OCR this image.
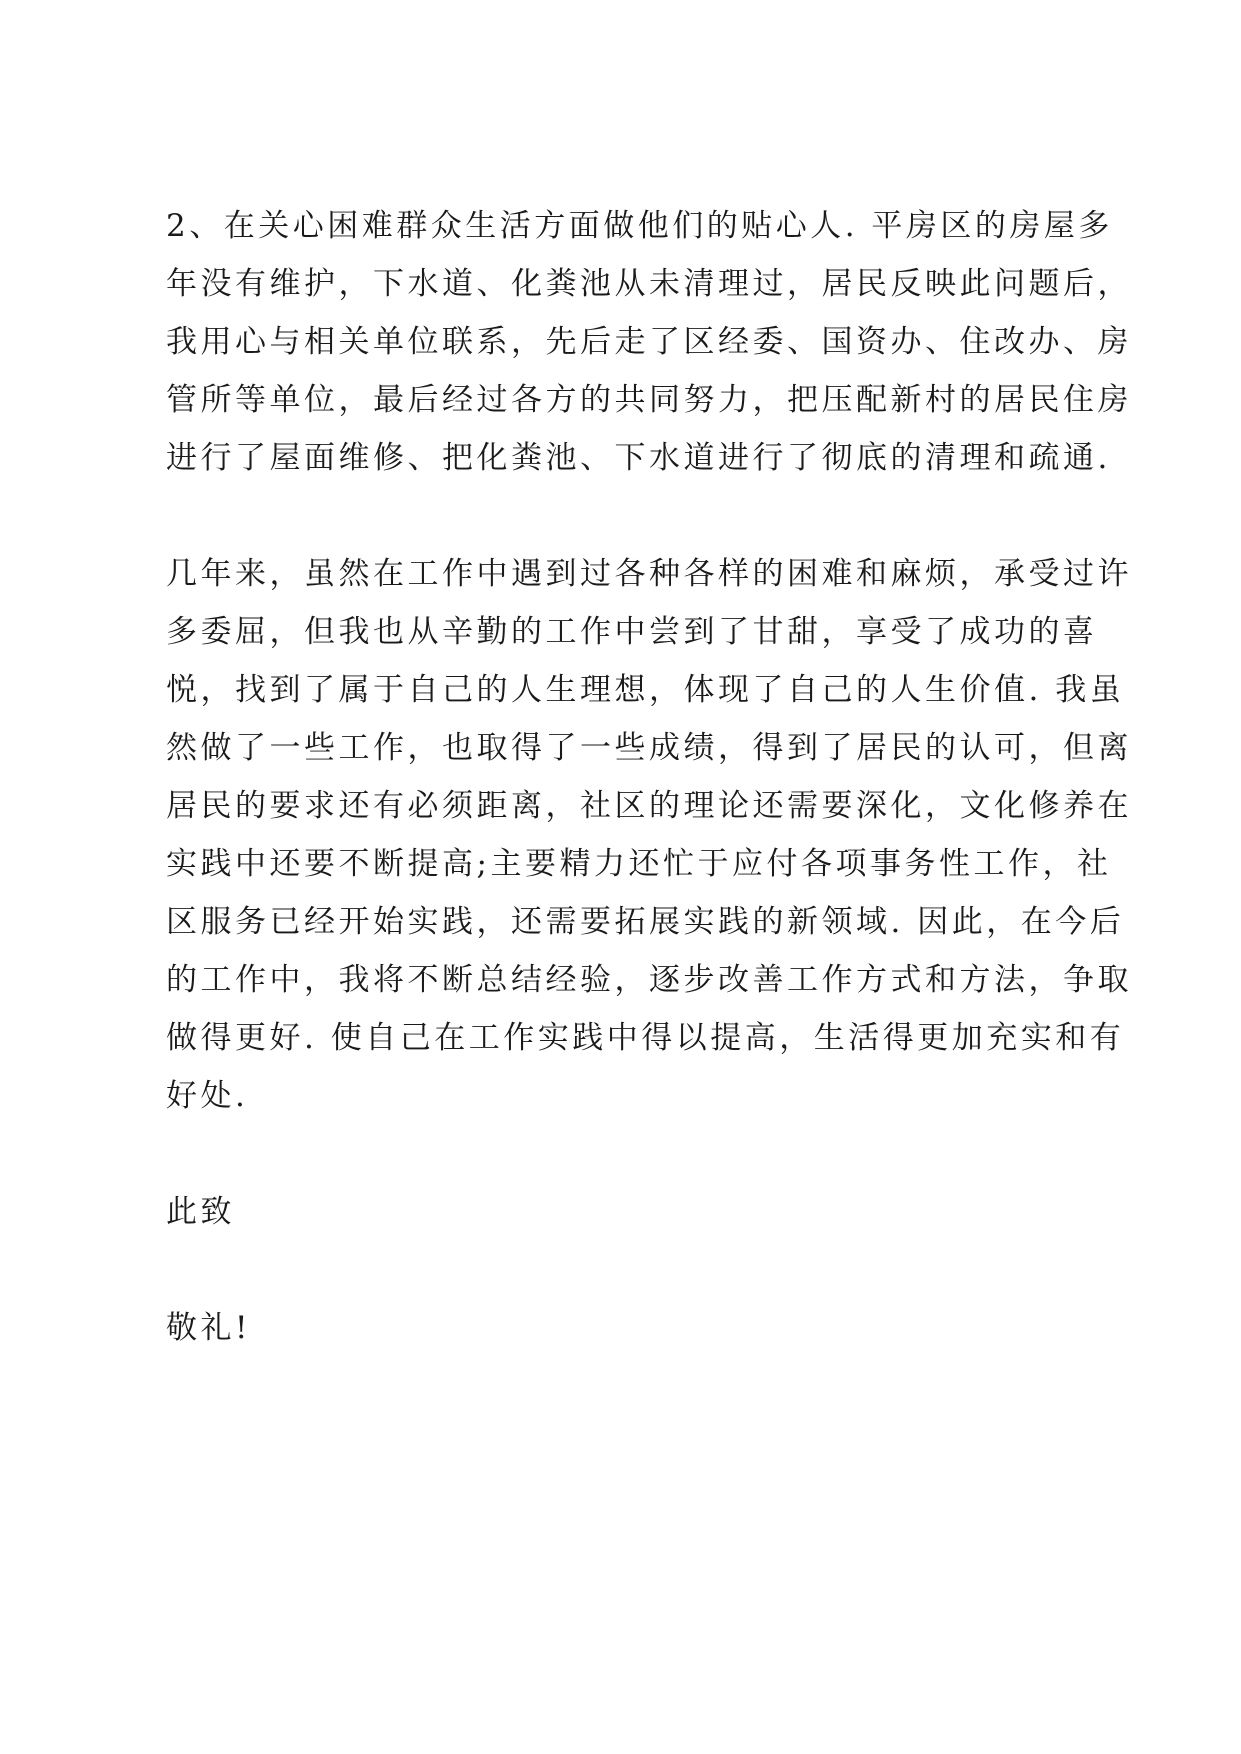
2、在关心困难群众生活方面做他们的贴心人. 平房区的房屋多
年没有维护，下水道、化粪池从未清理过，居民反映此问题后，
我用心与相关单位联系，先后走了区经委、国资办、住改办、房
管所等单位，最后经过各方的共同努力，把压配新村的居民住房
进行了屋面维修、把化粪池、下水道进行了彻底的清理和疏通.
几年来，虽然在工作中遇到过各种各样的困难和麻烦，承受过许
多委屈，但我也从辛勤的工作中尝到了甘甜，享受了成功的喜
悦，找到了属于自己的人生理想，体现了自己的人生价值. 我虽
然做了一些工作，也取得了一些成绩，得到了居民的认可，但离
居民的要求还有必须距离，社区的理论还需要深化，文化修养在
实践中还要不断提高;主要精力还忙于应付各项事务性工作，社
区服务已经开始实践，还需要拓展实践的新领域. 因此，在今后
的工作中，我将不断总结经验，逐步改善工作方式和方法，争取
做得更好. 使自己在工作实践中得以提高，生活得更加充实和有
好处.
此致
敬礼!
